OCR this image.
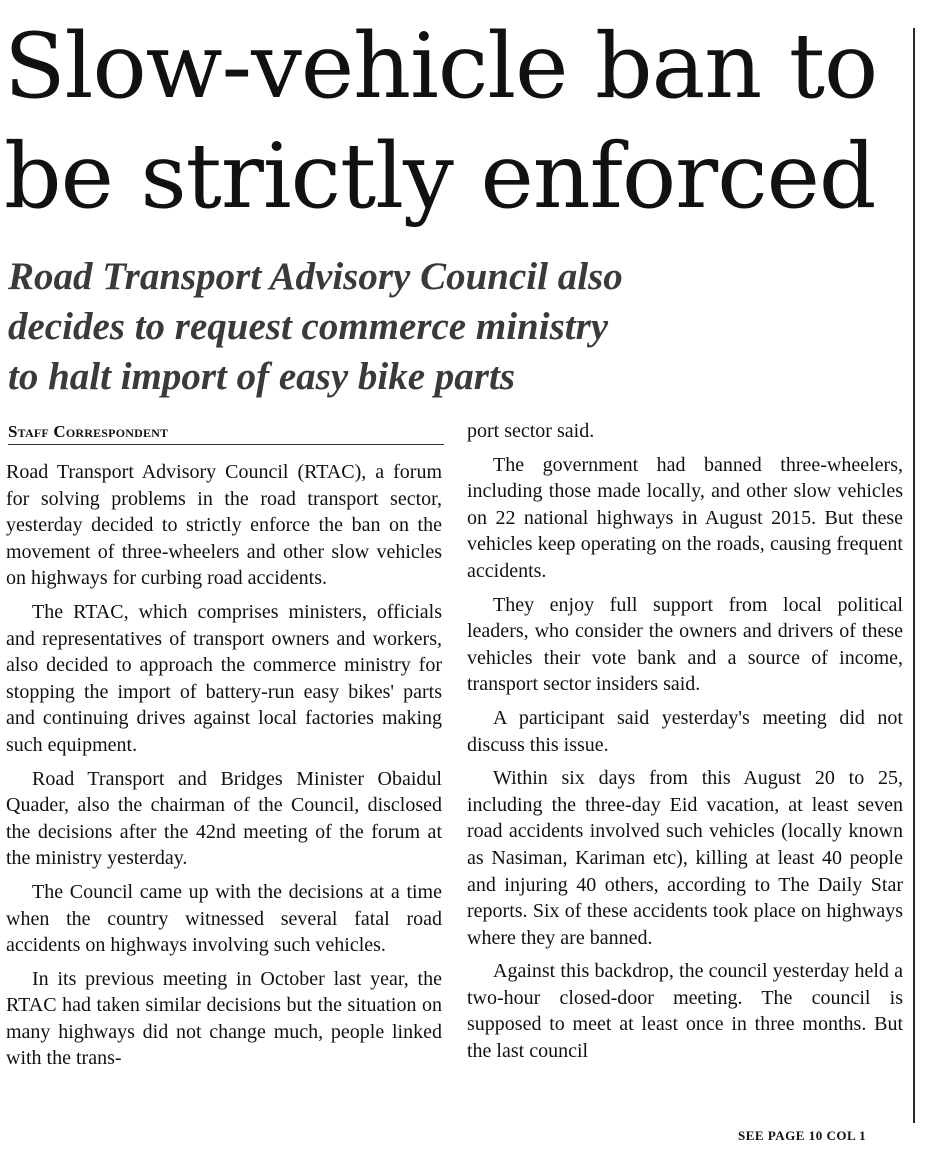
Slow-vehicle ban to
be strictly enforced
Road Transport Advisory Council also
decides to request commerce ministry
to halt import of easy bike parts
Staff Correspondent

Road Transport Advisory Council (RTAC), a forum for solving problems in the road transport sector, yesterday decided to strictly enforce the ban on the movement of three-wheelers and other slow vehicles on highways for curbing road accidents.

The RTAC, which comprises ministers, officials and representatives of transport owners and workers, also decided to approach the commerce ministry for stopping the import of battery-run easy bikes' parts and continuing drives against local factories making such equipment.

Road Transport and Bridges Minister Obaidul Quader, also the chairman of the Council, disclosed the decisions after the 42nd meeting of the forum at the ministry yesterday.

The Council came up with the decisions at a time when the country witnessed several fatal road accidents on highways involving such vehicles.

In its previous meeting in October last year, the RTAC had taken similar decisions but the situation on many highways did not change much, people linked with the trans-

port sector said.

The government had banned three-wheelers, including those made locally, and other slow vehicles on 22 national highways in August 2015. But these vehicles keep operating on the roads, causing frequent accidents.

They enjoy full support from local political leaders, who consider the owners and drivers of these vehicles their vote bank and a source of income, transport sector insiders said.

A participant said yesterday's meeting did not discuss this issue.

Within six days from this August 20 to 25, including the three-day Eid vacation, at least seven road accidents involved such vehicles (locally known as Nasiman, Kariman etc), killing at least 40 people and injuring 40 others, according to The Daily Star reports. Six of these accidents took place on highways where they are banned.

Against this backdrop, the council yesterday held a two-hour closed-door meeting. The council is supposed to meet at least once in three months. But the last council

SEE PAGE 10 COL 1
